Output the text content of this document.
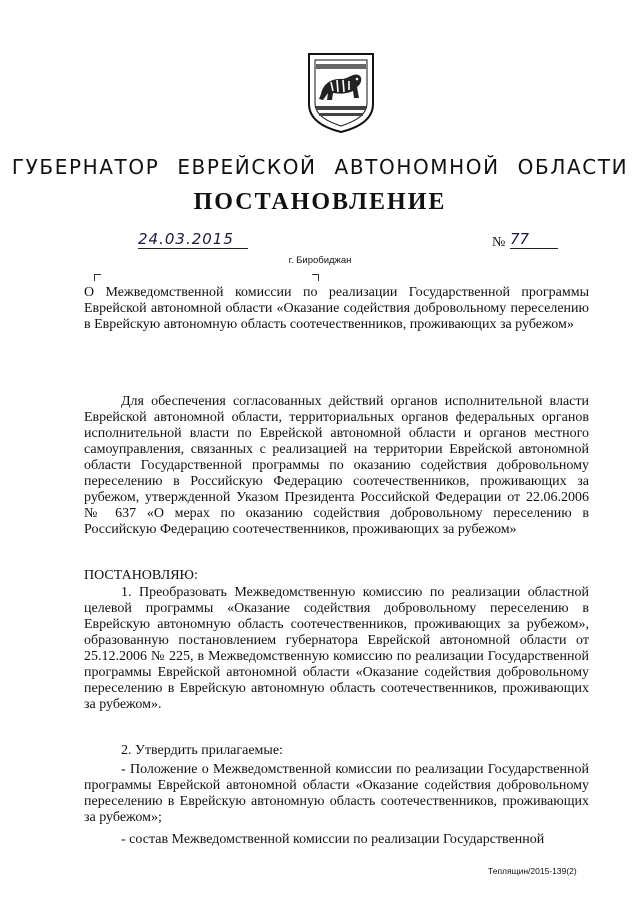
ГУБЕРНАТОР ЕВРЕЙСКОЙ АВТОНОМНОЙ ОБЛАСТИ
ПОСТАНОВЛЕНИЕ
24.03.2015	№ 77
г. Биробиджан

О Межведомственной комиссии по реализации Государственной программы Еврейской автономной области «Оказание содействия добровольному переселению в Еврейскую автономную область соотечественников, проживающих за рубежом»

Для обеспечения согласованных действий органов исполнительной власти Еврейской автономной области, территориальных органов федеральных органов исполнительной власти по Еврейской автономной области и органов местного самоуправления, связанных с реализацией на территории Еврейской автономной области Государственной программы по оказанию содействия добровольному переселению в Российскую Федерацию соотечественников, проживающих за рубежом, утвержденной Указом Президента Российской Федерации от 22.06.2006 № 637 «О мерах по оказанию содействия добровольному переселению в Российскую Федерацию соотечественников, проживающих за рубежом»

ПОСТАНОВЛЯЮ:

1. Преобразовать Межведомственную комиссию по реализации областной целевой программы «Оказание содействия добровольному переселению в Еврейскую автономную область соотечественников, проживающих за рубежом», образованную постановлением губернатора Еврейской автономной области от 25.12.2006 № 225, в Межведомственную комиссию по реализации Государственной программы Еврейской автономной области «Оказание содействия добровольному переселению в Еврейскую автономную область соотечественников, проживающих за рубежом».

2. Утвердить прилагаемые:

- Положение о Межведомственной комиссии по реализации Государственной программы Еврейской автономной области «Оказание содействия добровольному переселению в Еврейскую автономную область соотечественников, проживающих за рубежом»;

- состав Межведомственной комиссии по реализации Государственной

Теплящин/2015-139(2)
